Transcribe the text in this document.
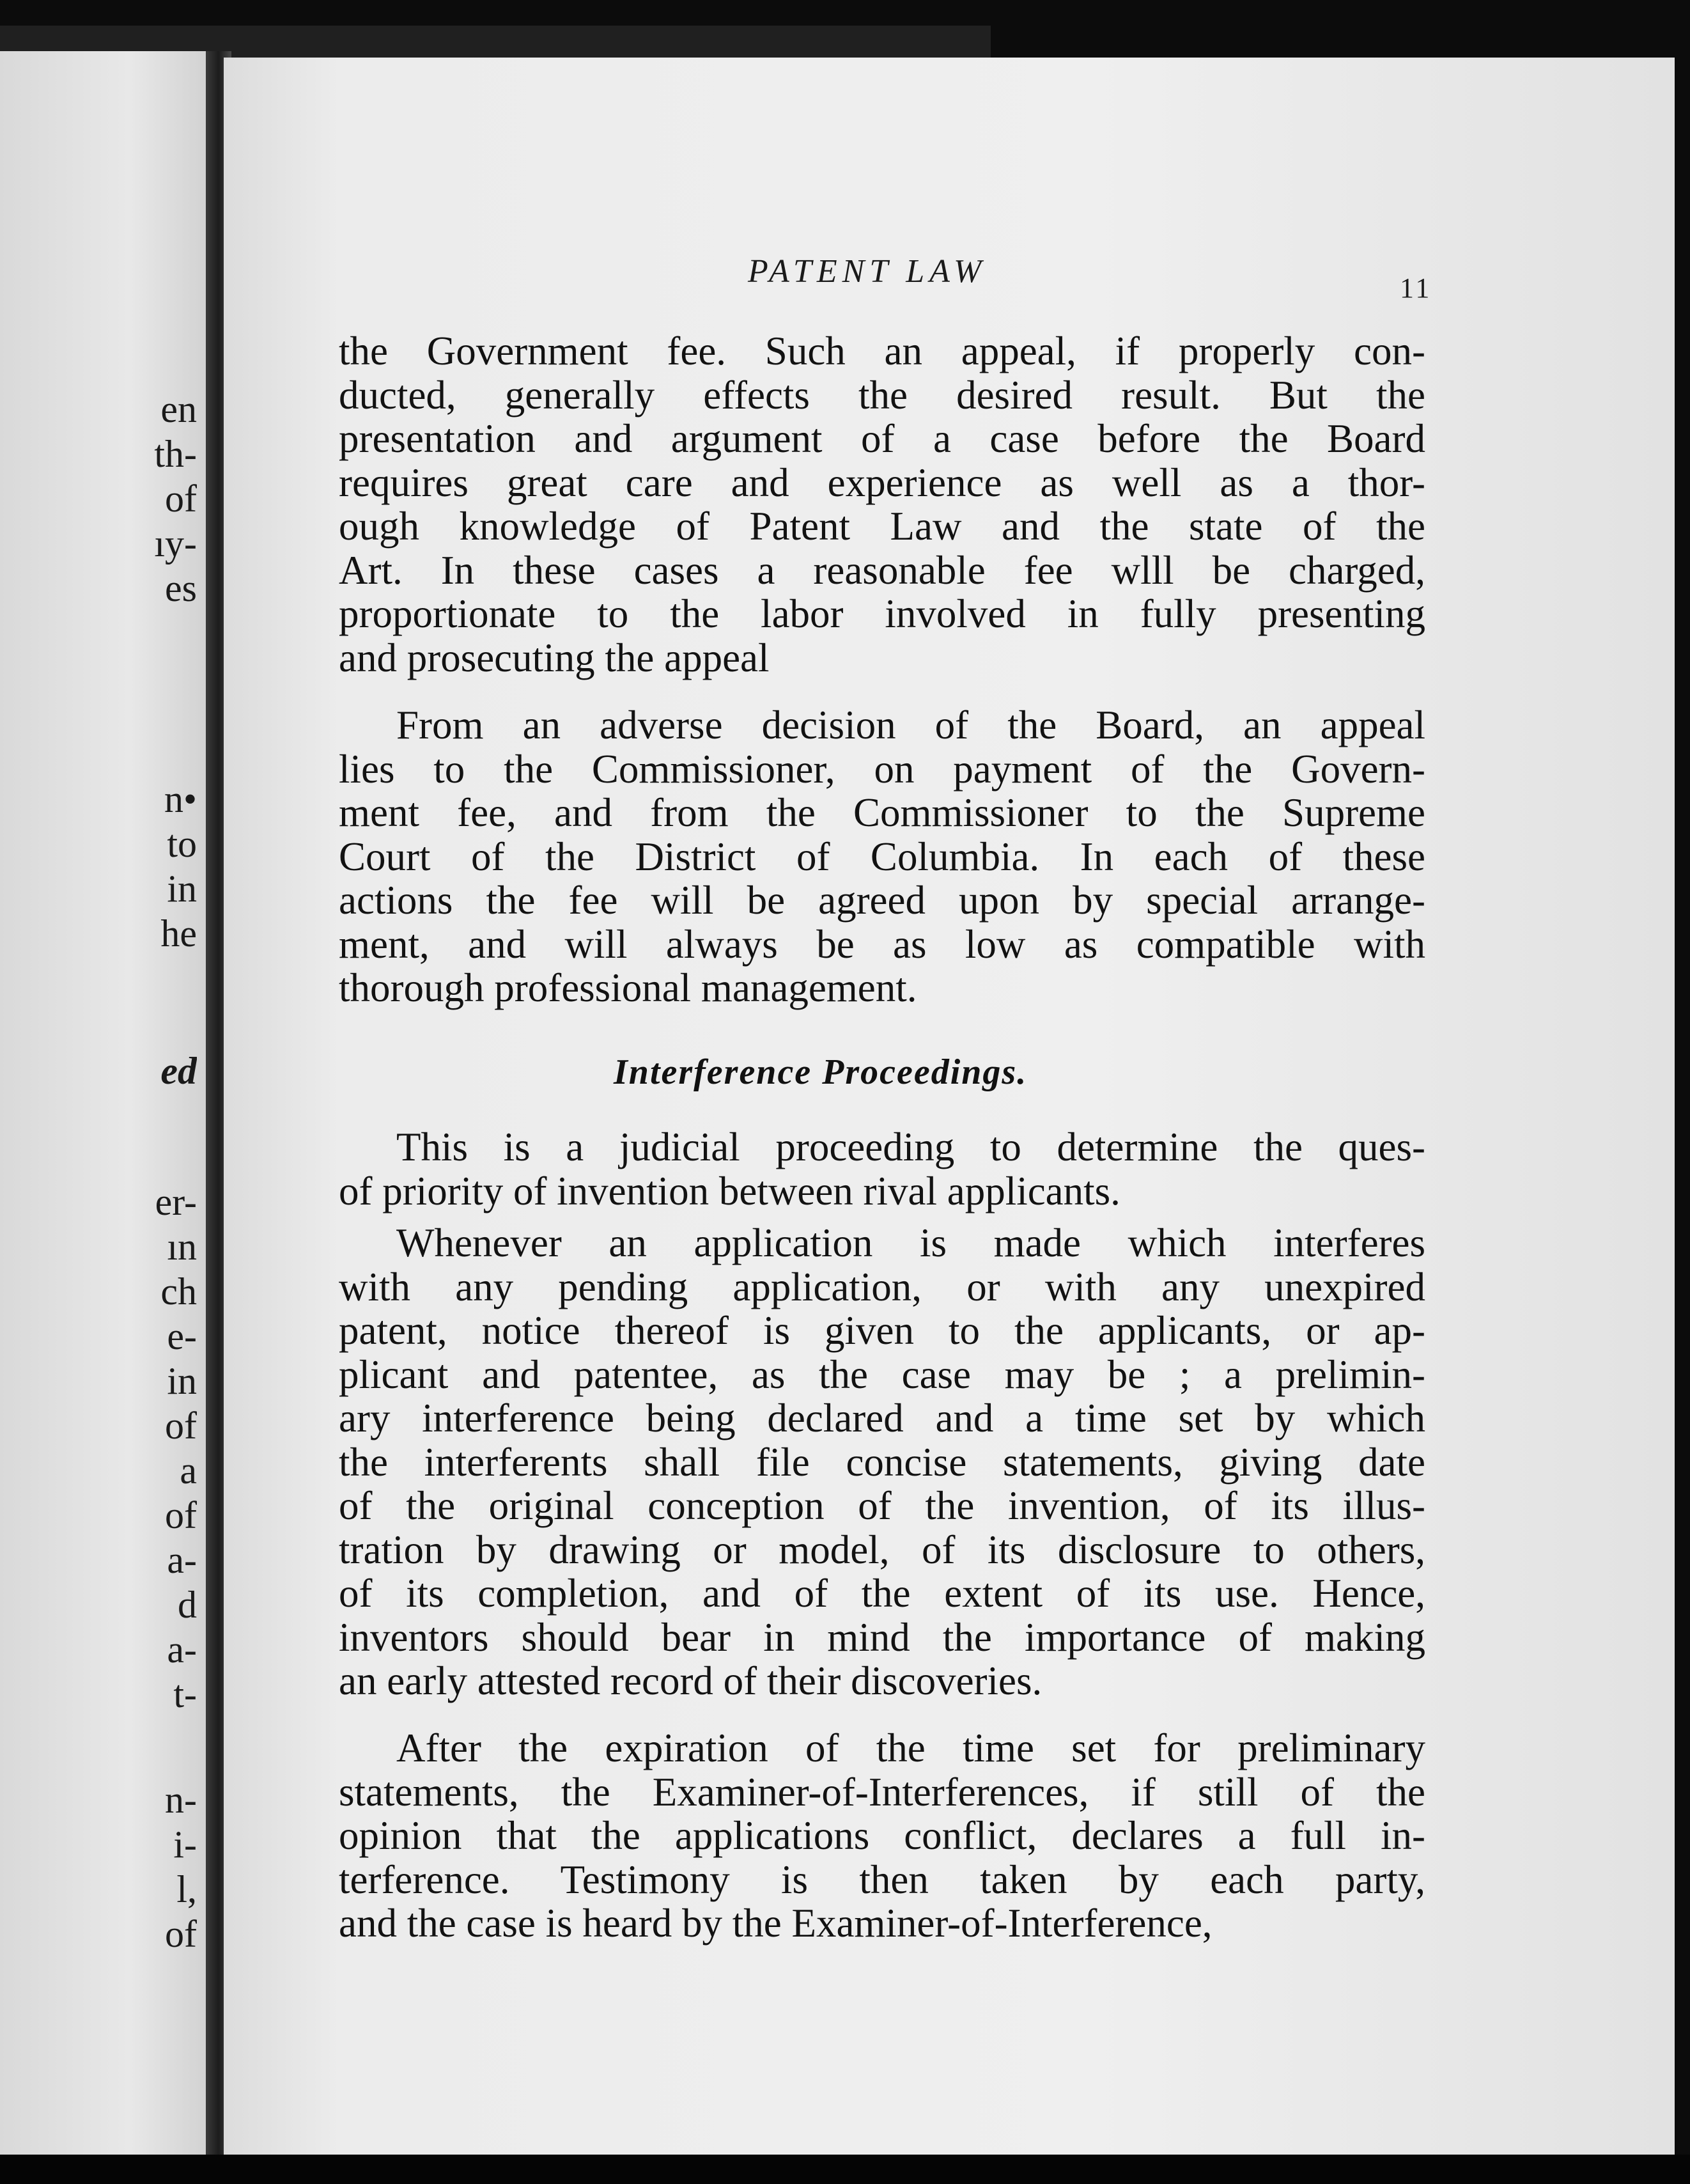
en
th-
of
ıy-
es
n•
to
in
he
ed
er-
ın
ch
e-
in
of
a
of
a-
d
a-
t-
n-
i-
l,
of
PATENT LAW	11
the Government fee. Such an appeal, if properly con-
ducted, generally effects the desired result. But the
presentation and argument of a case before the Board
requires great care and experience as well as a thor-
ough knowledge of Patent Law and the state of the
Art. In these cases a reasonable fee wlll be charged,
proportionate to the labor involved in fully presenting
and prosecuting the appeal
From an adverse decision of the Board, an appeal
lies to the Commissioner, on payment of the Govern-
ment fee, and from the Commissioner to the Supreme
Court of the District of Columbia. In each of these
actions the fee will be agreed upon by special arrange-
ment, and will always be as low as compatible with
thorough professional management.
Interference Proceedings.
This is a judicial proceeding to determine the ques-
of priority of invention between rival applicants.
Whenever an application is made which interferes
with any pending application, or with any unexpired
patent, notice thereof is given to the applicants, or ap-
plicant and patentee, as the case may be ; a prelimin-
ary interference being declared and a time set by which
the interferents shall file concise statements, giving date
of the original conception of the invention, of its illus-
tration by drawing or model, of its disclosure to others,
of its completion, and of the extent of its use. Hence,
inventors should bear in mind the importance of making
an early attested record of their discoveries.
After the expiration of the time set for preliminary
statements, the Examiner-of-Interferences, if still of the
opinion that the applications conflict, declares a full in-
terference. Testimony is then taken by each party,
and the case is heard by the Examiner-of-Interference,
